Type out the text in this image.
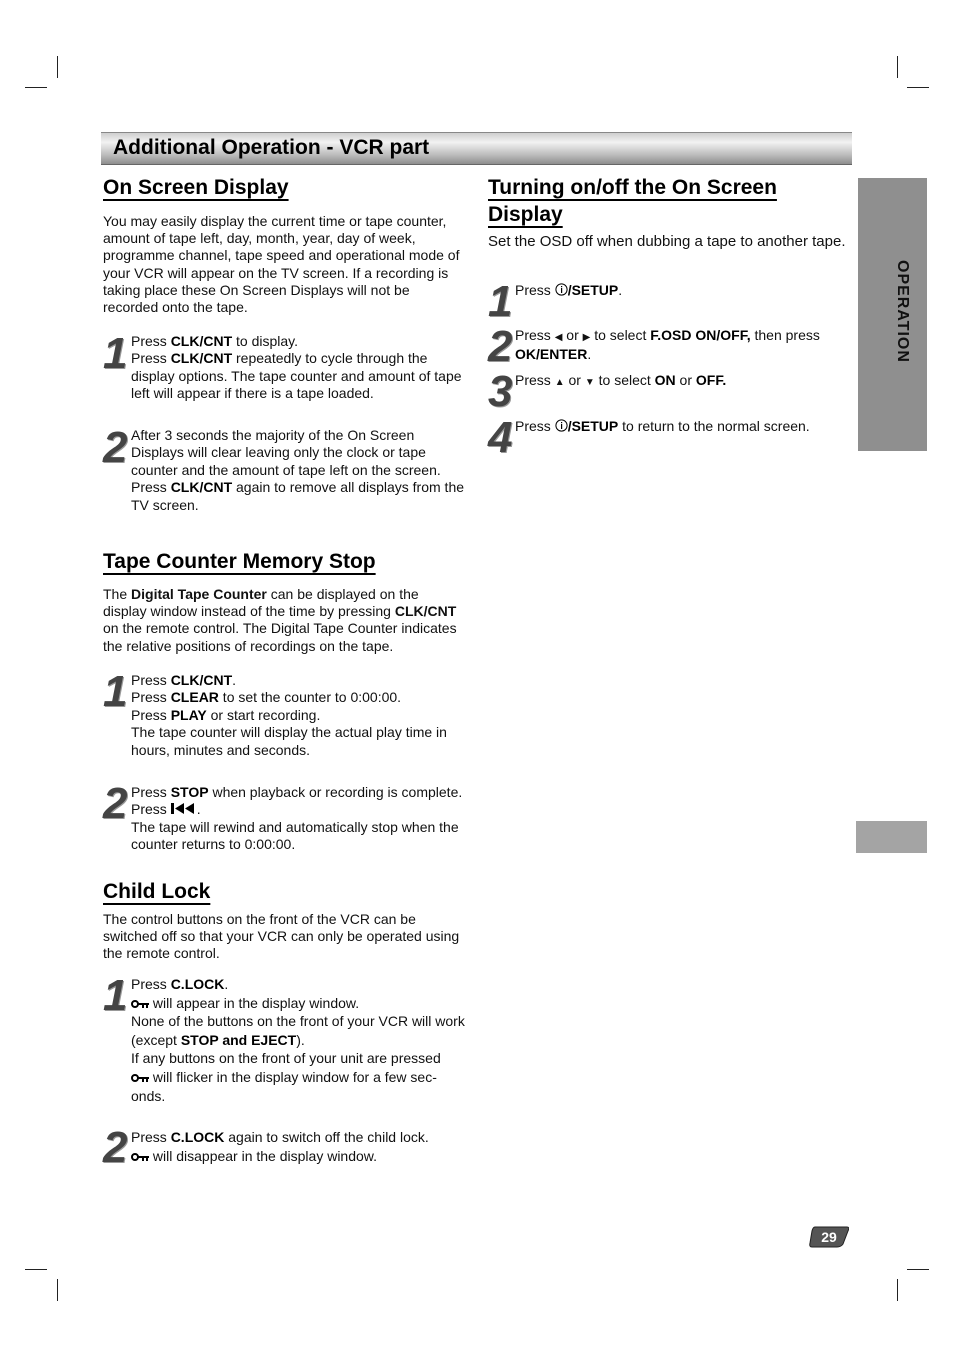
Additional Operation - VCR part
OPERATION
On Screen Display
You may easily display the current time or tape counter, amount of tape left, day, month, year, day of week, programme channel, tape speed and operational mode of your VCR will appear on the TV screen. If a recording is taking place these On Screen Displays will not be recorded onto the tape.
1 Press CLK/CNT to display.
Press CLK/CNT repeatedly to cycle through the display options. The tape counter and amount of tape left will appear if there is a tape loaded.
2 After 3 seconds the majority of the On Screen Displays will clear leaving only the clock or tape counter and the amount of tape left on the screen.
Press CLK/CNT again to remove all displays from the TV screen.
Tape Counter Memory Stop
The Digital Tape Counter can be displayed on the display window instead of the time by pressing CLK/CNT on the remote control. The Digital Tape Counter indicates the relative positions of recordings on the tape.
1 Press CLK/CNT.
Press CLEAR to set the counter to 0:00:00.
Press PLAY or start recording.
The tape counter will display the actual play time in hours, minutes and seconds.
2 Press STOP when playback or recording is complete.
Press .
The tape will rewind and automatically stop when the counter returns to 0:00:00.
Child Lock
The control buttons on the front of the VCR can be switched off so that your VCR can only be operated using the remote control.
1 Press C.LOCK.
will appear in the display window.
None of the buttons on the front of your VCR will work (except STOP and EJECT).
If any buttons on the front of your unit are pressed
will flicker in the display window for a few sec-onds.
2 Press C.LOCK again to switch off the child lock.
will disappear in the display window.
Turning on/off the On Screen
Display
Set the OSD off when dubbing a tape to another tape.
1 Press /SETUP.
2 Press ◀ or ▶ to select F.OSD ON/OFF, then press OK/ENTER.
3 Press ▲ or ▼ to select ON or OFF.
4 Press /SETUP to return to the normal screen.
29
